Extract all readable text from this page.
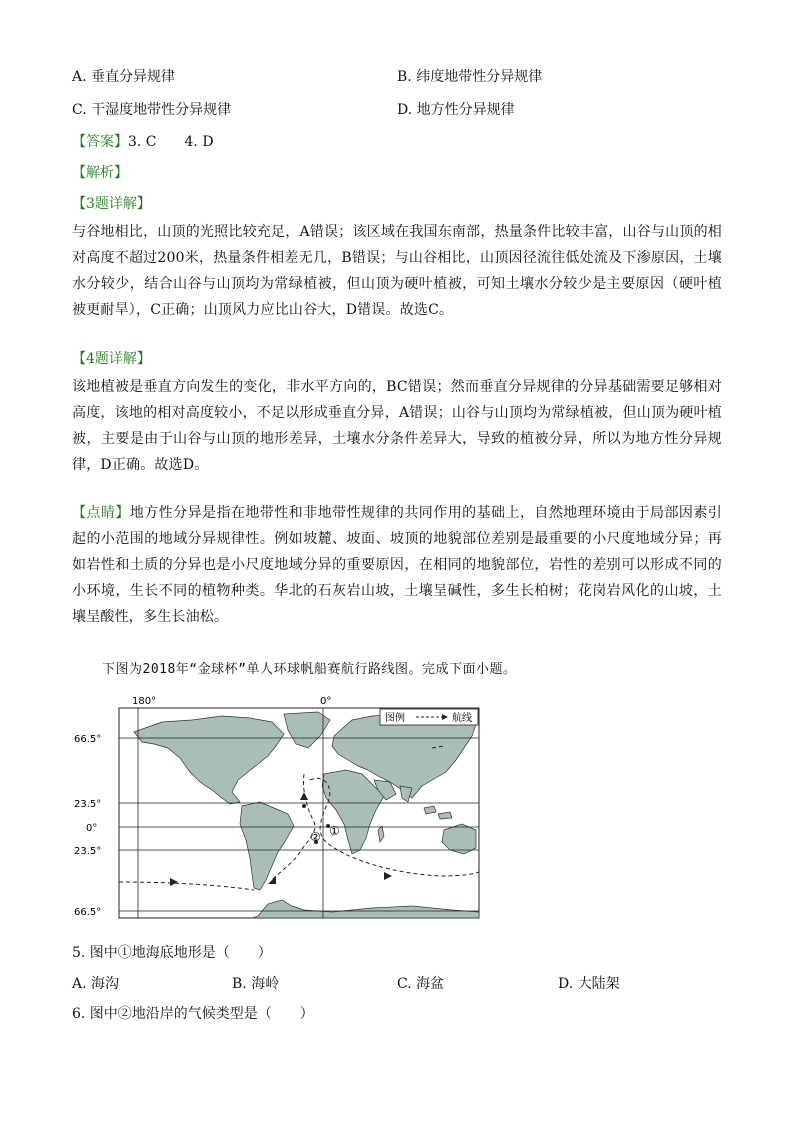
A. 垂直分异规律	B. 纬度地带性分异规律
C. 干湿度地带性分异规律	D. 地方性分异规律
【答案】3. C　　4. D
【解析】
【3题详解】
与谷地相比，山顶的光照比较充足，A错误；该区域在我国东南部，热量条件比较丰富，山谷与山顶的相对高度不超过200米，热量条件相差无几，B错误；与山谷相比，山顶因径流往低处流及下渗原因，土壤水分较少，结合山谷与山顶均为常绿植被，但山顶为硬叶植被，可知土壤水分较少是主要原因（硬叶植被更耐旱），C正确；山顶风力应比山谷大，D错误。故选C。
【4题详解】
该地植被是垂直方向发生的变化，非水平方向的，BC错误；然而垂直分异规律的分异基础需要足够相对高度，该地的相对高度较小，不足以形成垂直分异，A错误；山谷与山顶均为常绿植被，但山顶为硬叶植被，主要是由于山谷与山顶的地形差异，土壤水分条件差异大，导致的植被分异，所以为地方性分异规律，D正确。故选D。
【点睛】地方性分异是指在地带性和非地带性规律的共同作用的基础上，自然地理环境由于局部因素引起的小范围的地域分异规律性。例如坡麓、坡面、坡顶的地貌部位差别是最重要的小尺度地域分异；再如岩性和土质的分异也是小尺度地域分异的重要原因，在相同的地貌部位，岩性的差别可以形成不同的小环境，生长不同的植物种类。华北的石灰岩山坡，土壤呈碱性，多生长柏树；花岗岩风化的山坡，土壤呈酸性，多生长油松。
下图为2018年“金球杯”单人环球帆船赛航行路线图。完成下面小题。
180°	0°
66.5°
23.5°
0°
23.5°
66.5°
② ①
图例	航线
5. 图中①地海底地形是（　　）
A. 海沟	B. 海岭	C. 海盆	D. 大陆架
6. 图中②地沿岸的气候类型是（　　）
